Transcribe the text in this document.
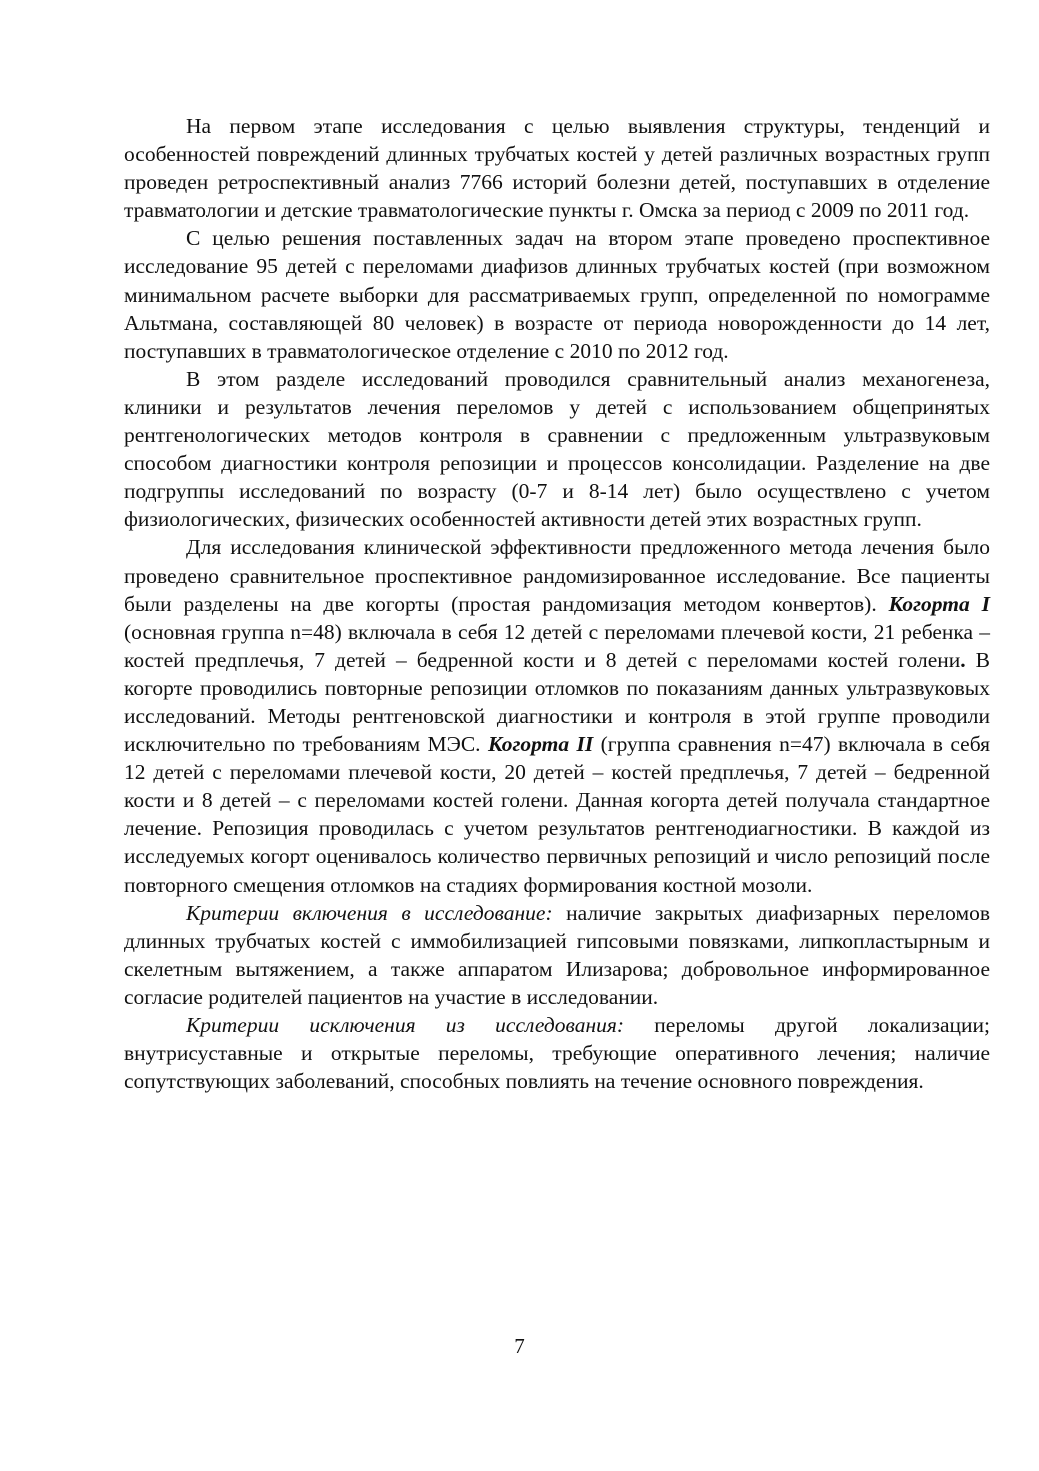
На первом этапе исследования с целью выявления структуры, тенденций и особенностей повреждений длинных трубчатых костей у детей различных возрастных групп проведен ретроспективный анализ 7766 историй болезни детей, поступавших в отделение травматологии и детские травматологические пункты г. Омска за период с 2009 по 2011 год.

С целью решения поставленных задач на втором этапе проведено проспективное исследование 95 детей с переломами диафизов длинных трубчатых костей (при возможном минимальном расчете выборки для рассматриваемых групп, определенной по номограмме Альтмана, составляющей 80 человек) в возрасте от периода новорожденности до 14 лет, поступавших в травматологическое отделение с 2010 по 2012 год.

В этом разделе исследований проводился сравнительный анализ механогенеза, клиники и результатов лечения переломов у детей с использованием общепринятых рентгенологических методов контроля в сравнении с предложенным ультразвуковым способом диагностики контроля репозиции и процессов консолидации. Разделение на две подгруппы исследований по возрасту (0-7 и 8-14 лет) было осуществлено с учетом физиологических, физических особенностей активности детей этих возрастных групп.

Для исследования клинической эффективности предложенного метода лечения было проведено сравнительное проспективное рандомизированное исследование. Все пациенты были разделены на две когорты (простая рандомизация методом конвертов). Когорта I (основная группа n=48) включала в себя 12 детей с переломами плечевой кости, 21 ребенка – костей предплечья, 7 детей – бедренной кости и 8 детей с переломами костей голени. В когорте проводились повторные репозиции отломков по показаниям данных ультразвуковых исследований. Методы рентгеновской диагностики и контроля в этой группе проводили исключительно по требованиям МЭС. Когорта II (группа сравнения n=47) включала в себя 12 детей с переломами плечевой кости, 20 детей – костей предплечья, 7 детей – бедренной кости и 8 детей – с переломами костей голени. Данная когорта детей получала стандартное лечение. Репозиция проводилась с учетом результатов рентгенодиагностики. В каждой из исследуемых когорт оценивалось количество первичных репозиций и число репозиций после повторного смещения отломков на стадиях формирования костной мозоли.

Критерии включения в исследование: наличие закрытых диафизарных переломов длинных трубчатых костей с иммобилизацией гипсовыми повязками, липкопластырным и скелетным вытяжением, а также аппаратом Илизарова; добровольное информированное согласие родителей пациентов на участие в исследовании.

Критерии исключения из исследования: переломы другой локализации; внутрисуставные и открытые переломы, требующие оперативного лечения; наличие сопутствующих заболеваний, способных повлиять на течение основного повреждения.

7
